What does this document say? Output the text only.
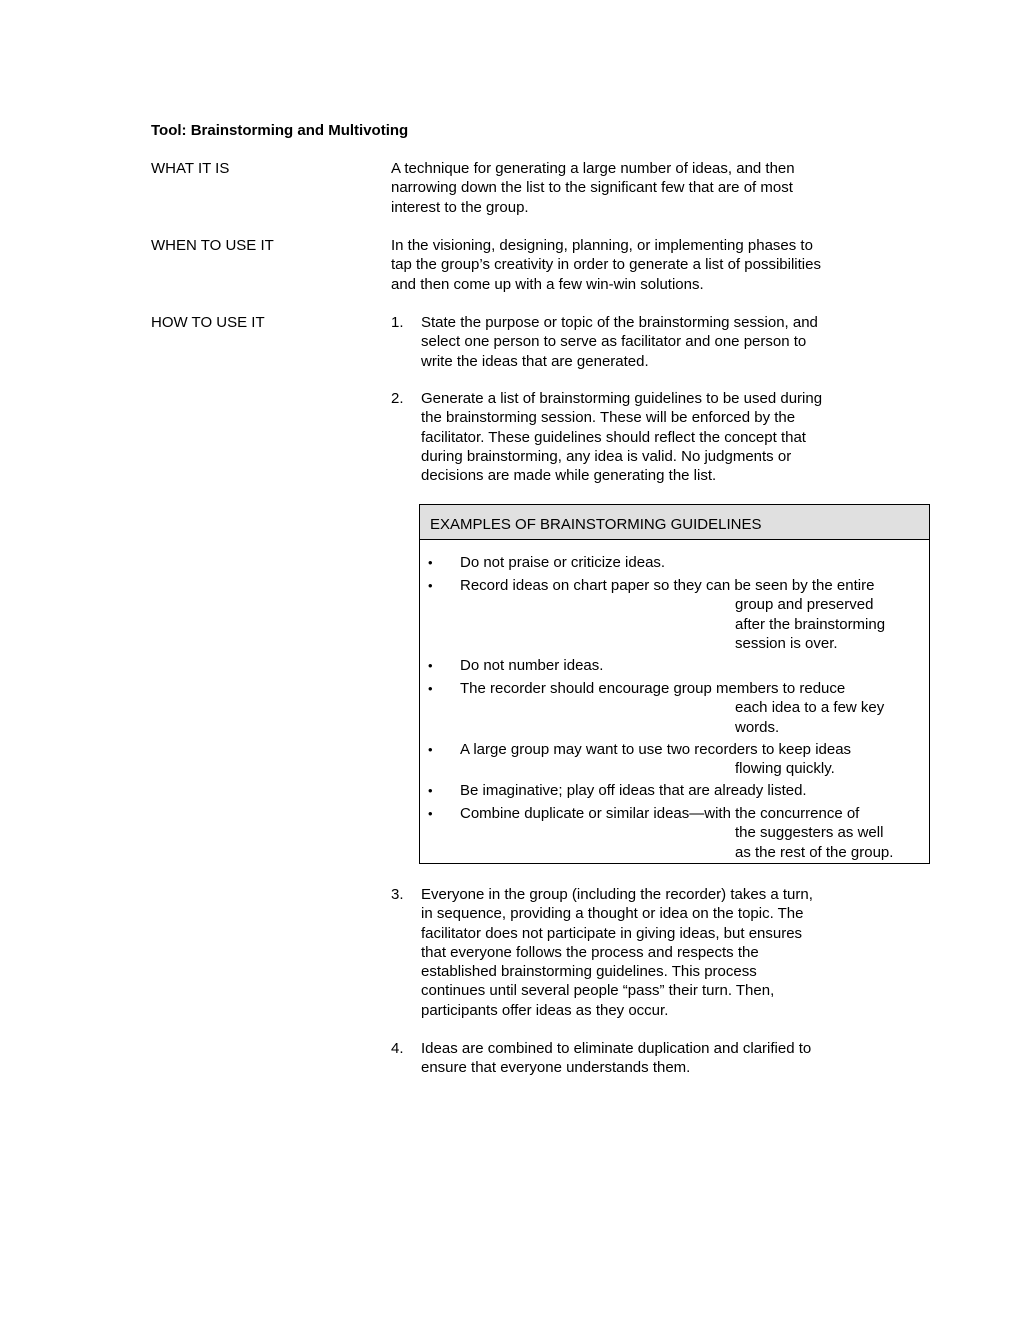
Tool: Brainstorming and Multivoting
WHAT IT IS	A technique for generating a large number of ideas, and then
narrowing down the list to the significant few that are of most
interest to the group.
WHEN TO USE IT	In the visioning, designing, planning, or implementing phases to
tap the group’s creativity in order to generate a list of possibilities
and then come up with a few win-win solutions.
HOW TO USE IT	1.	State the purpose or topic of the brainstorming session, and
select one person to serve as facilitator and one person to
write the ideas that are generated.
2.	Generate a list of brainstorming guidelines to be used during
the brainstorming session. These will be enforced by the
facilitator. These guidelines should reflect the concept that
during brainstorming, any idea is valid. No judgments or
decisions are made while generating the list.
EXAMPLES OF BRAINSTORMING GUIDELINES
• Do not praise or criticize ideas.
• Record ideas on chart paper so they can be seen by the entire
group and preserved
after the brainstorming
session is over.
• Do not number ideas.
• The recorder should encourage group members to reduce
each idea to a few key
words.
• A large group may want to use two recorders to keep ideas
flowing quickly.
• Be imaginative; play off ideas that are already listed.
• Combine duplicate or similar ideas—with the concurrence of
the suggesters as well
as the rest of the group.
3.	Everyone in the group (including the recorder) takes a turn,
in sequence, providing a thought or idea on the topic. The
facilitator does not participate in giving ideas, but ensures
that everyone follows the process and respects the
established brainstorming guidelines. This process
continues until several people “pass” their turn. Then,
participants offer ideas as they occur.
4.	Ideas are combined to eliminate duplication and clarified to
ensure that everyone understands them.
